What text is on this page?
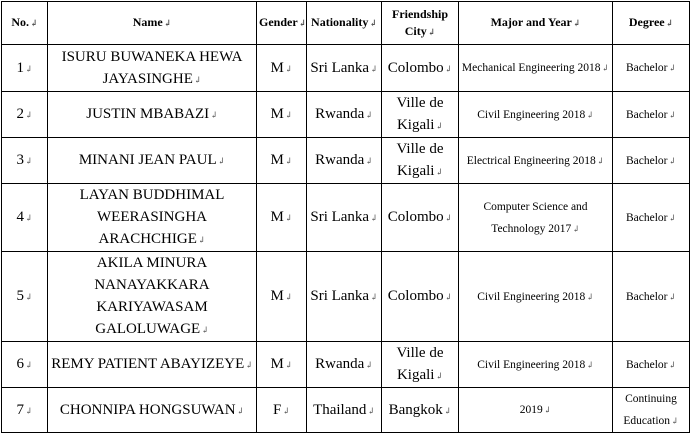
No. ↲	Name ↲	Gender ↲	Nationality ↲	Friendship City ↲	Major and Year ↲	Degree ↲
1 ↲	ISURU BUWANEKA HEWA JAYASINGHE ↲	M ↲	Sri Lanka ↲	Colombo ↲	Mechanical Engineering 2018 ↲	Bachelor ↲
2 ↲	JUSTIN MBABAZI ↲	M ↲	Rwanda ↲	Ville de Kigali ↲	Civil Engineering 2018 ↲	Bachelor ↲
3 ↲	MINANI JEAN PAUL ↲	M ↲	Rwanda ↲	Ville de Kigali ↲	Electrical Engineering 2018 ↲	Bachelor ↲
4 ↲	LAYAN BUDDHIMAL WEERASINGHA ARACHCHIGE ↲	M ↲	Sri Lanka ↲	Colombo ↲	Computer Science and Technology 2017 ↲	Bachelor ↲
5 ↲	AKILA MINURA NANAYAKKARA KARIYAWASAM GALOLUWAGE ↲	M ↲	Sri Lanka ↲	Colombo ↲	Civil Engineering 2018 ↲	Bachelor ↲
6 ↲	REMY PATIENT ABAYIZEYE ↲	M ↲	Rwanda ↲	Ville de Kigali ↲	Civil Engineering 2018 ↲	Bachelor ↲
7 ↲	CHONNIPA HONGSUWAN ↲	F ↲	Thailand ↲	Bangkok ↲	2019 ↲	Continuing Education ↲
